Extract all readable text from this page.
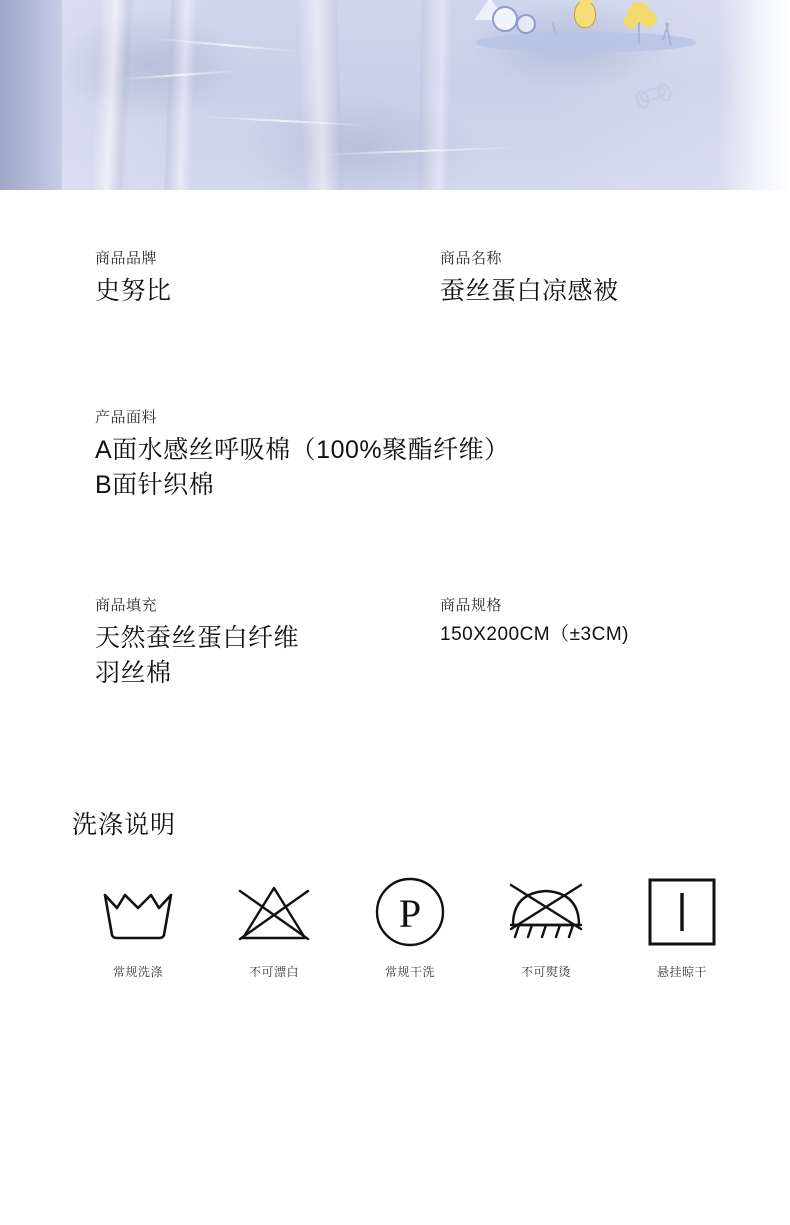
商品品牌
史努比
商品名称
蚕丝蛋白凉感被
产品面料
A面水感丝呼吸棉（100%聚酯纤维）
B面针织棉
商品填充
天然蚕丝蛋白纤维
羽丝棉
商品规格
150X200CM（±3CM)
洗涤说明
常规洗涤	不可漂白
P
常规干洗	不可熨烫	悬挂晾干
